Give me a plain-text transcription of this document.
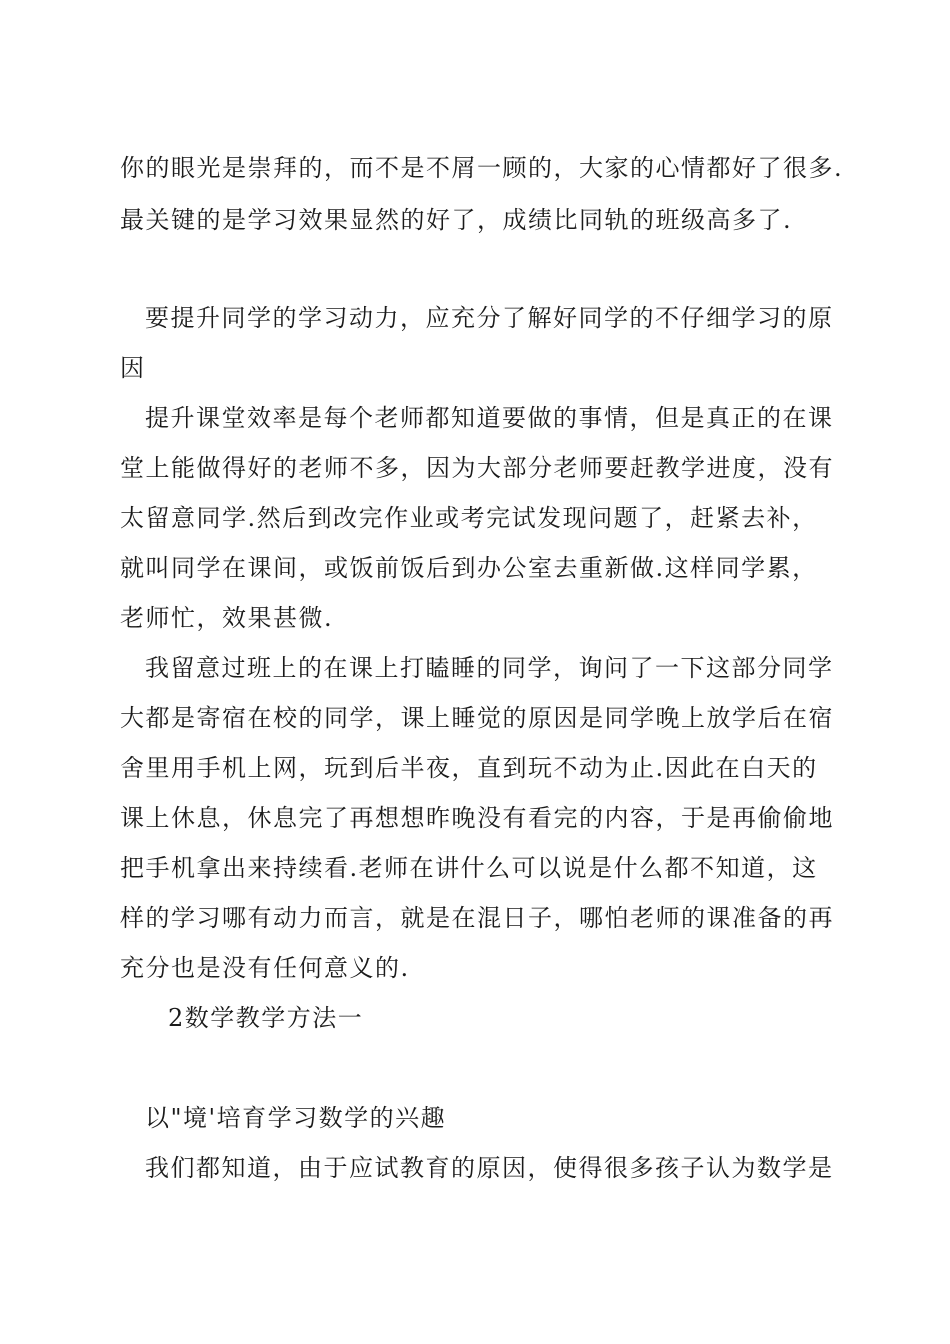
你的眼光是崇拜的，而不是不屑一顾的，大家的心情都好了很多.
最关键的是学习效果显然的好了，成绩比同轨的班级高多了.
要提升同学的学习动力，应充分了解好同学的不仔细学习的原
因
提升课堂效率是每个老师都知道要做的事情，但是真正的在课
堂上能做得好的老师不多，因为大部分老师要赶教学进度，没有
太留意同学.然后到改完作业或考完试发现问题了，赶紧去补，
就叫同学在课间，或饭前饭后到办公室去重新做.这样同学累，
老师忙，效果甚微.
我留意过班上的在课上打瞌睡的同学，询问了一下这部分同学
大都是寄宿在校的同学，课上睡觉的原因是同学晚上放学后在宿
舍里用手机上网，玩到后半夜，直到玩不动为止.因此在白天的
课上休息，休息完了再想想昨晚没有看完的内容，于是再偷偷地
把手机拿出来持续看.老师在讲什么可以说是什么都不知道，这
样的学习哪有动力而言，就是在混日子，哪怕老师的课准备的再
充分也是没有任何意义的.
2数学教学方法一
以"境'培育学习数学的兴趣
我们都知道，由于应试教育的原因，使得很多孩子认为数学是
